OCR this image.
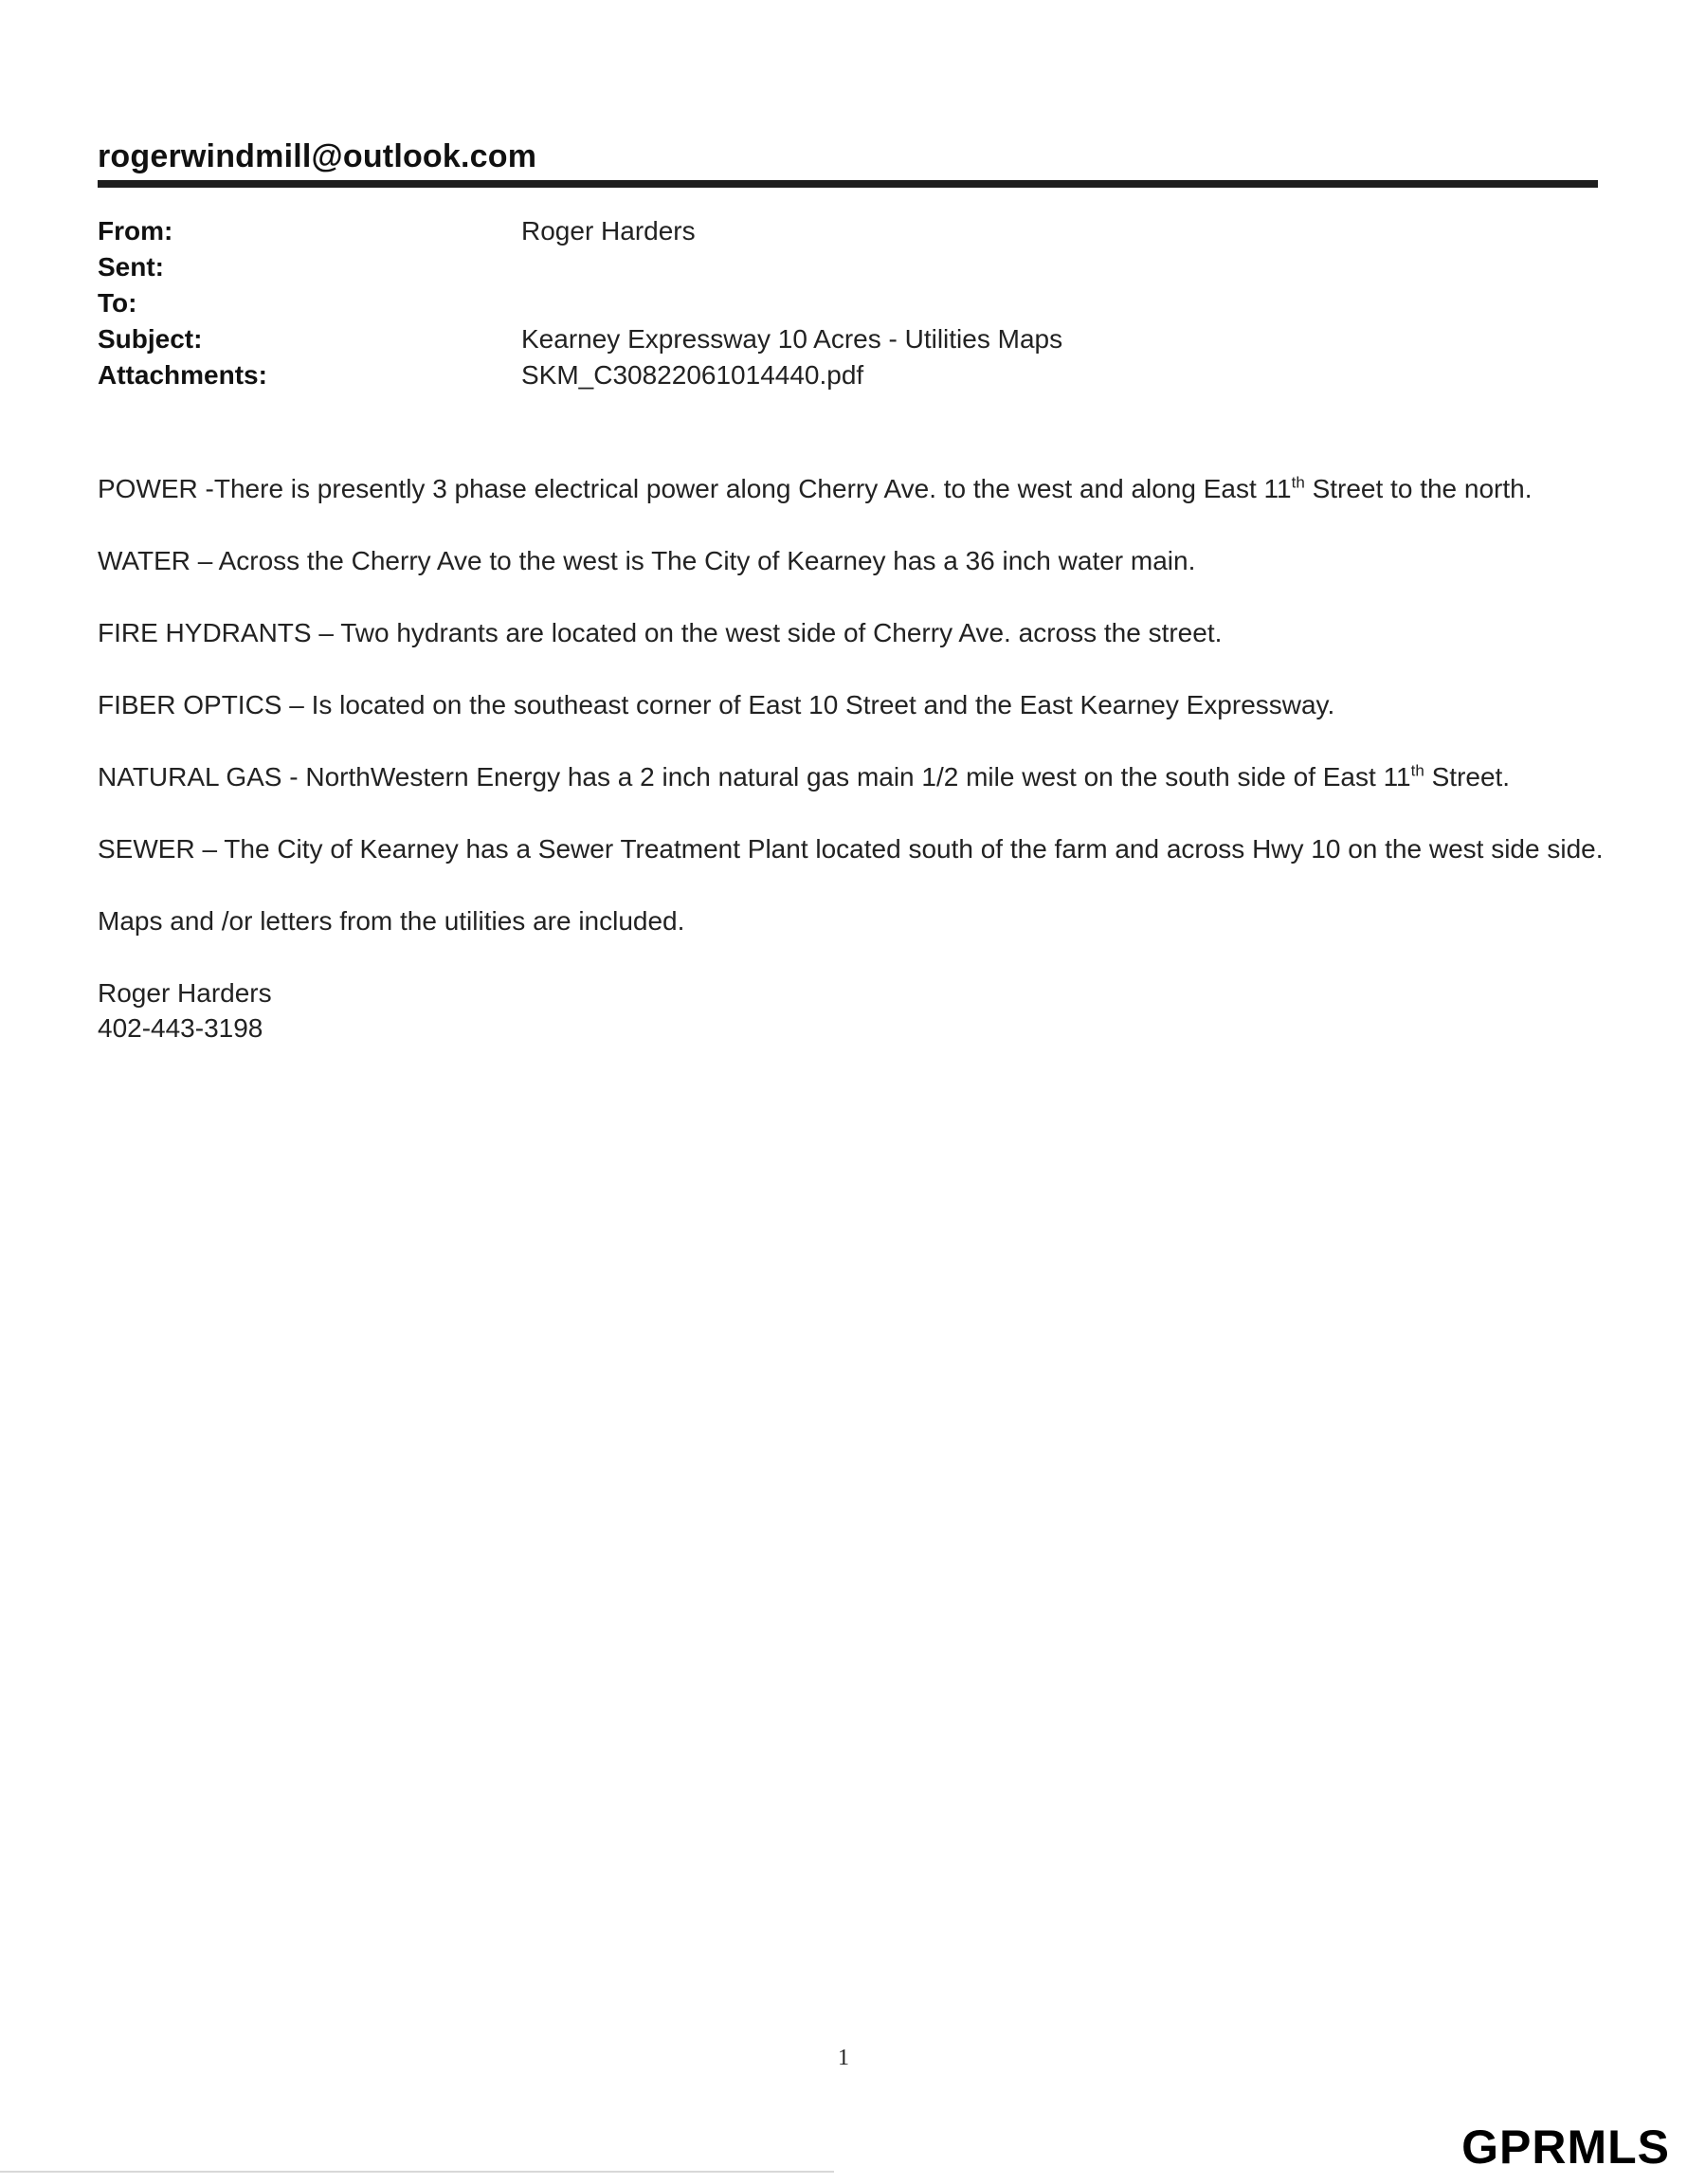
rogerwindmill@outlook.com
From:	Roger Harders
Sent:
To:
Subject:	Kearney Expressway 10 Acres - Utilities Maps
Attachments:	SKM_C30822061014440.pdf

POWER -There is presently 3 phase electrical power along Cherry Ave. to the west and along East 11th Street to the north.

WATER – Across the Cherry Ave to the west is The City of Kearney has a 36 inch water main.

FIRE HYDRANTS – Two hydrants are located on the west side of Cherry Ave. across the street.

FIBER OPTICS – Is located on the southeast corner of East 10 Street and the East Kearney Expressway.

NATURAL GAS - NorthWestern Energy has a 2 inch natural gas main 1/2 mile west on the south side of East 11th Street.

SEWER – The City of Kearney has a Sewer Treatment Plant located south of the farm and across Hwy 10 on the west side side.

Maps and /or letters from the utilities are included.

Roger Harders

402-443-3198

1
GPRMLS
